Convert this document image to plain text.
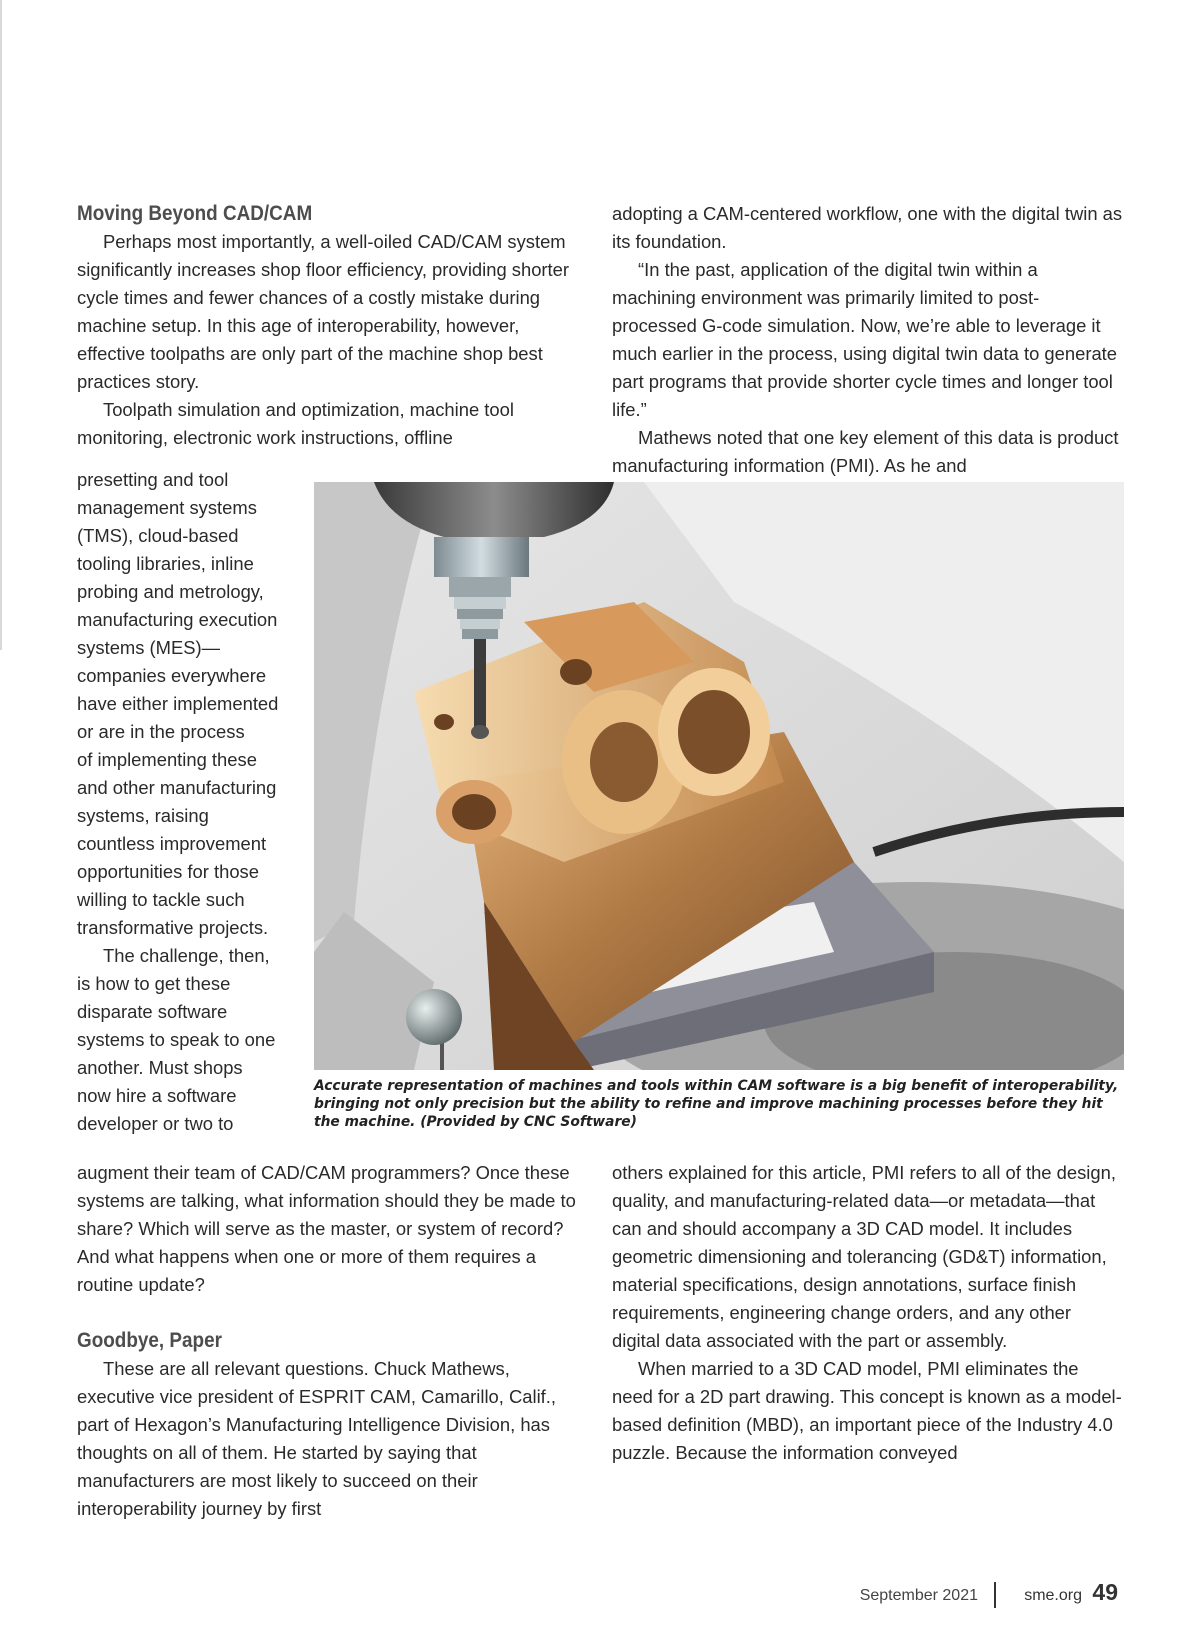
Moving Beyond CAD/CAM

Perhaps most importantly, a well-oiled CAD/CAM system significantly increases shop floor efficiency, providing shorter cycle times and fewer chances of a costly mistake during machine setup. In this age of interoperability, however, effective toolpaths are only part of the machine shop best practices story.

Toolpath simulation and optimization, machine tool monitoring, electronic work instructions, offline

presetting and tool
management systems
(TMS), cloud-based
tooling libraries, inline
probing and metrology,
manufacturing execution
systems (MES)—
companies everywhere
have either implemented
or are in the process
of implementing these
and other manufacturing
systems, raising
countless improvement
opportunities for those
willing to tackle such
transformative projects.
The challenge, then,
is how to get these
disparate software
systems to speak to one
another. Must shops
now hire a software
developer or two to

augment their team of CAD/CAM programmers? Once these systems are talking, what information should they be made to share? Which will serve as the master, or system of record? And what happens when one or more of them requires a routine update?

Goodbye, Paper

These are all relevant questions. Chuck Mathews, executive vice president of ESPRIT CAM, Camarillo, Calif., part of Hexagon’s Manufacturing Intelligence Division, has thoughts on all of them. He started by saying that manufacturers are most likely to succeed on their interoperability journey by first

adopting a CAM-centered workflow, one with the digital twin as its foundation.

“In the past, application of the digital twin within a machining environment was primarily limited to post-processed G-code simulation. Now, we’re able to leverage it much earlier in the process, using digital twin data to generate part programs that provide shorter cycle times and longer tool life.”

Mathews noted that one key element of this data is product manufacturing information (PMI). As he and

Accurate representation of machines and tools within CAM software is a big benefit of interoperability, bringing not only precision but the ability to refine and improve machining processes before they hit the machine. (Provided by CNC Software)

others explained for this article, PMI refers to all of the design, quality, and manufacturing-related data—or metadata—that can and should accompany a 3D CAD model. It includes geometric dimensioning and tolerancing (GD&T) information, material specifications, design annotations, surface finish requirements, engineering change orders, and any other digital data associated with the part or assembly.

When married to a 3D CAD model, PMI eliminates the need for a 2D part drawing. This concept is known as a model-based definition (MBD), an important piece of the Industry 4.0 puzzle. Because the information conveyed

September 2021	sme.org 49
